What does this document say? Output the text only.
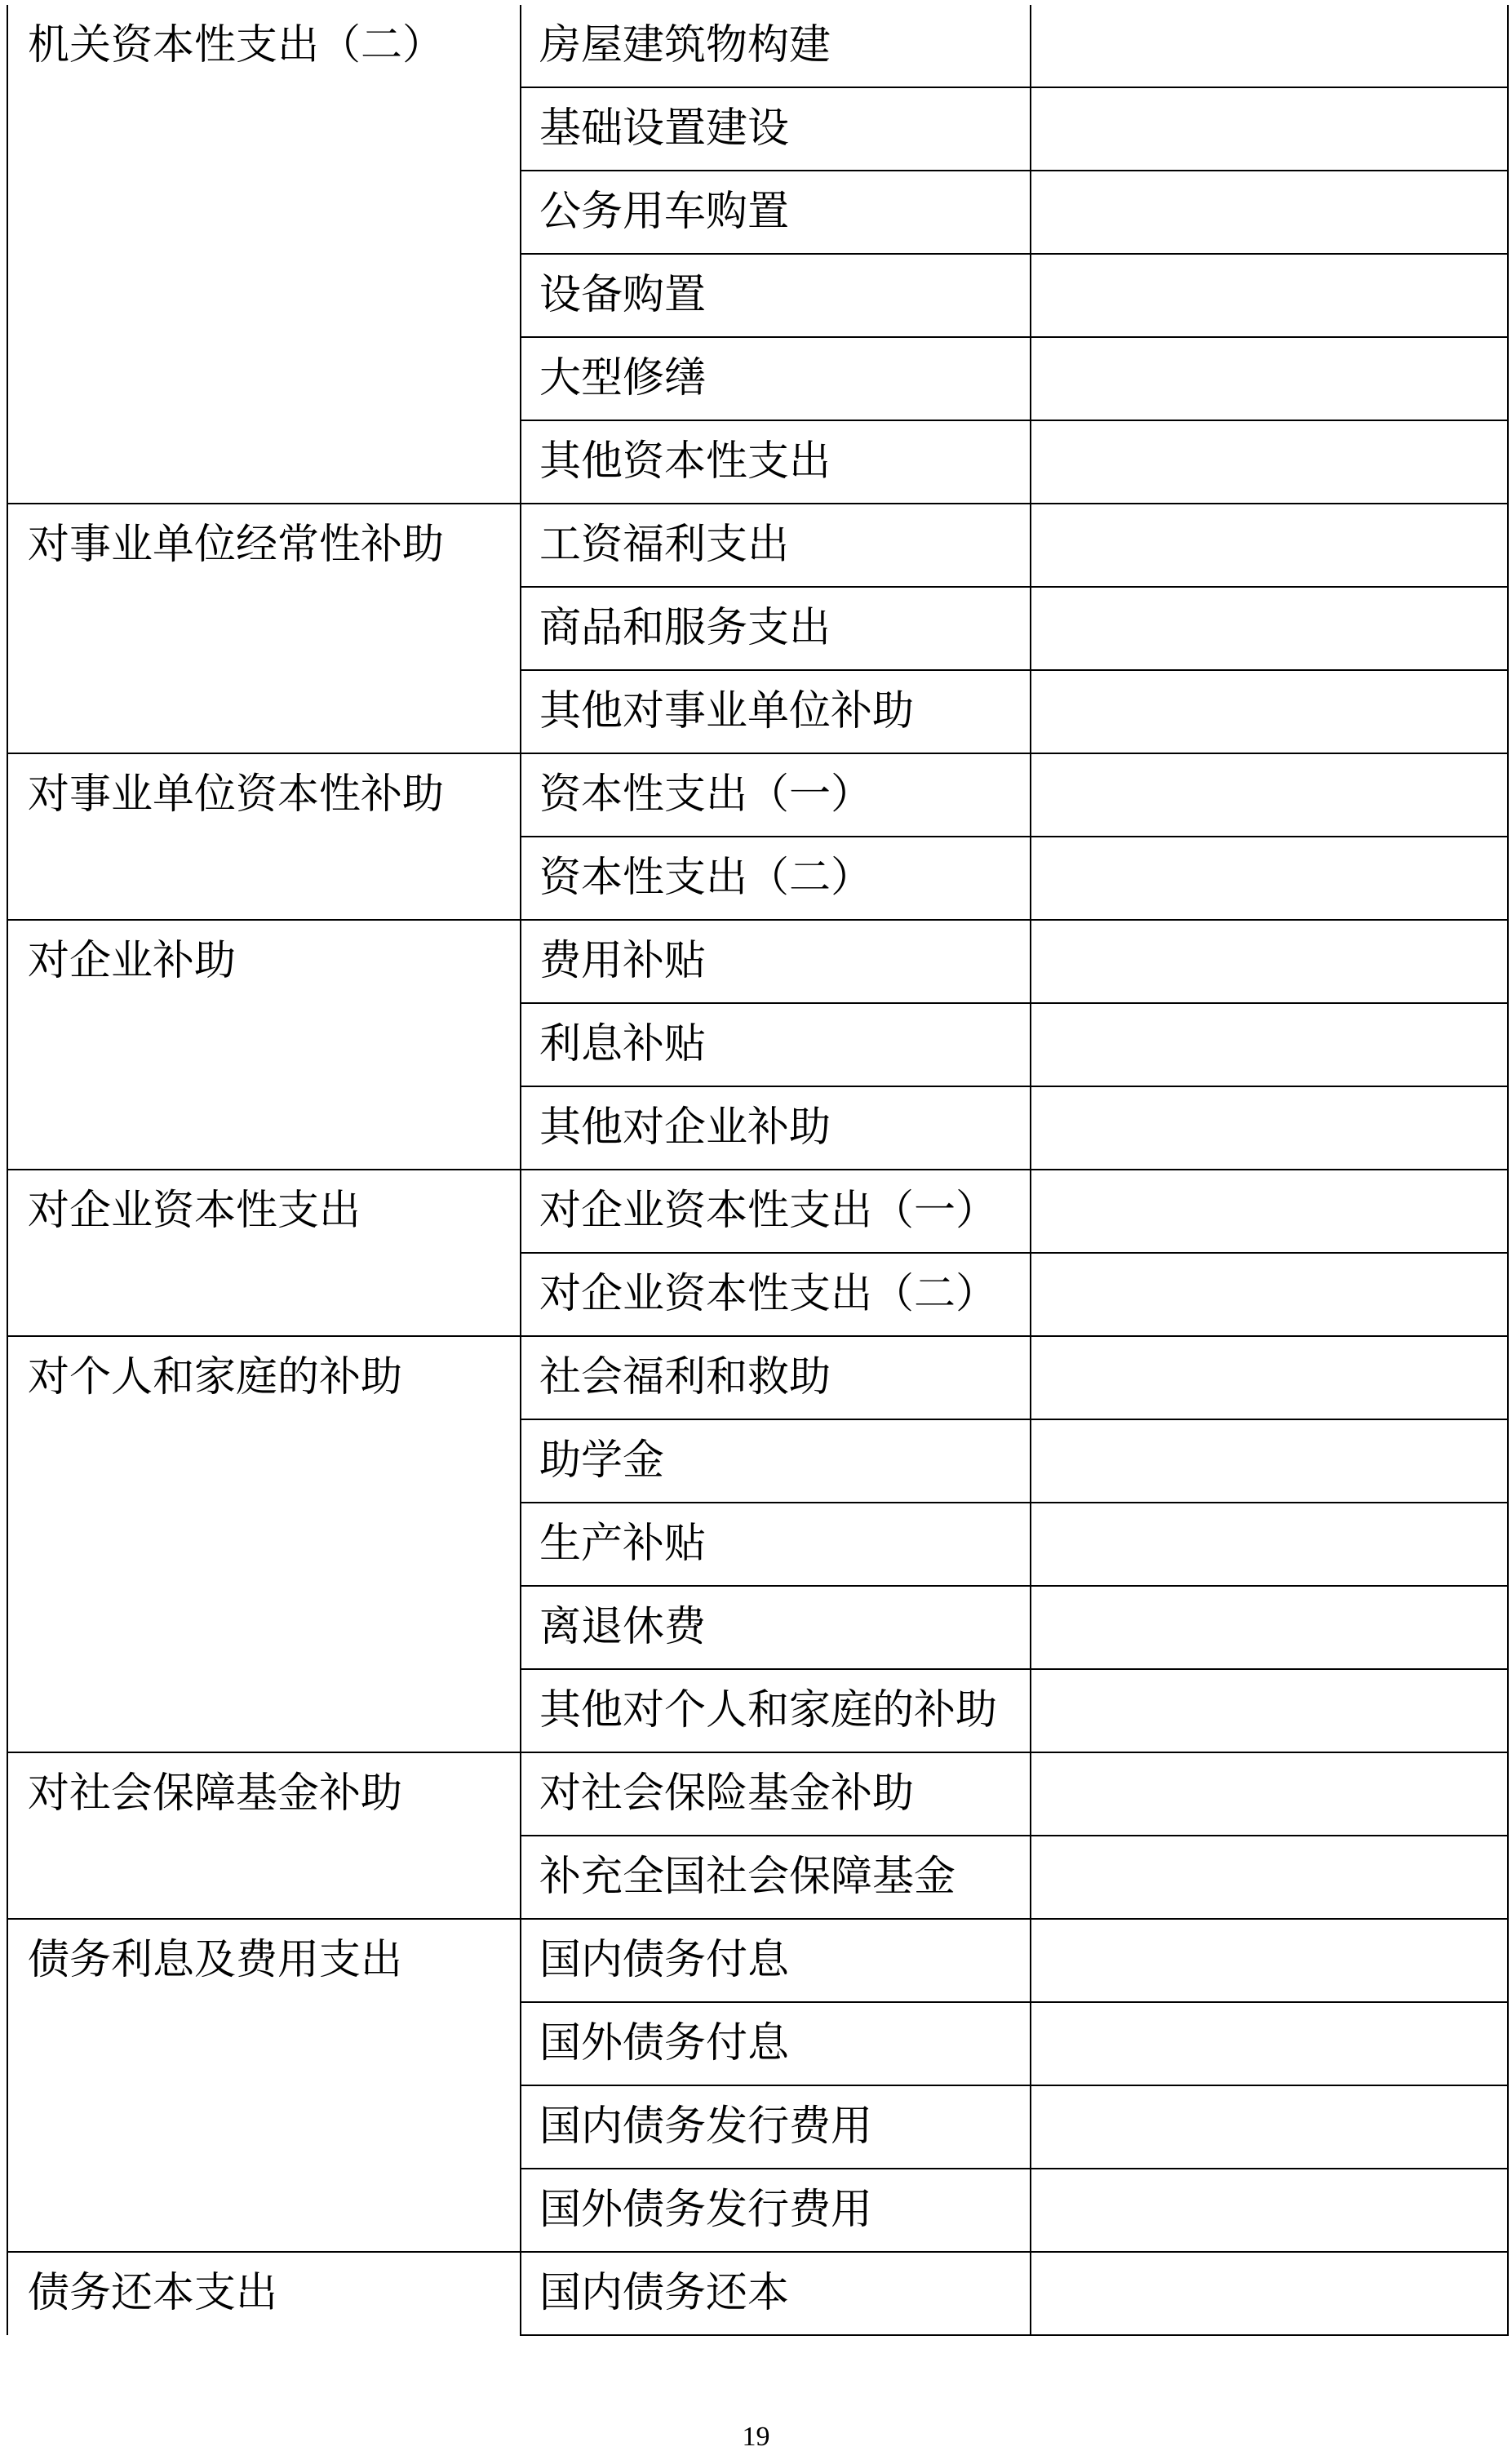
机关资本性支出（二）	房屋建筑物构建	
	基础设置建设	
	公务用车购置	
	设备购置	
	大型修缮	
	其他资本性支出	
对事业单位经常性补助	工资福利支出	
	商品和服务支出	
	其他对事业单位补助	
对事业单位资本性补助	资本性支出（一）	
	资本性支出（二）	
对企业补助	费用补贴	
	利息补贴	
	其他对企业补助	
对企业资本性支出	对企业资本性支出（一）	
	对企业资本性支出（二）	
对个人和家庭的补助	社会福利和救助	
	助学金	
	生产补贴	
	离退休费	
	其他对个人和家庭的补助	
对社会保障基金补助	对社会保险基金补助	
	补充全国社会保障基金	
债务利息及费用支出	国内债务付息	
	国外债务付息	
	国内债务发行费用	
	国外债务发行费用	
债务还本支出	国内债务还本	
19
